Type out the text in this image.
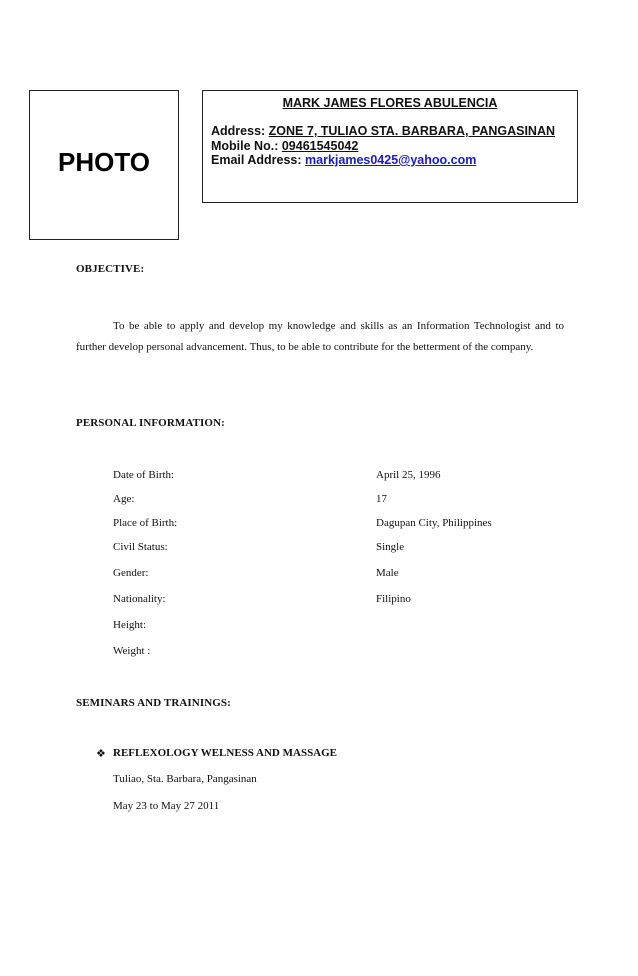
PHOTO
MARK JAMES FLORES ABULENCIA
Address: ZONE 7, TULIAO STA. BARBARA, PANGASINAN
Mobile No.: 09461545042
Email Address: markjames0425@yahoo.com
OBJECTIVE:
To be able to apply and develop my knowledge and skills as an Information Technologist and to further develop personal advancement. Thus, to be able to contribute for the betterment of the company.
PERSONAL INFORMATION:
Date of Birth:	April 25, 1996
Age:	17
Place of Birth:	Dagupan City, Philippines
Civil Status:	Single
Gender:	Male
Nationality:	Filipino
Height:
Weight :
SEMINARS AND TRAININGS:
❖ REFLEXOLOGY WELNESS AND MASSAGE
Tuliao, Sta. Barbara, Pangasinan
May 23 to May 27 2011
